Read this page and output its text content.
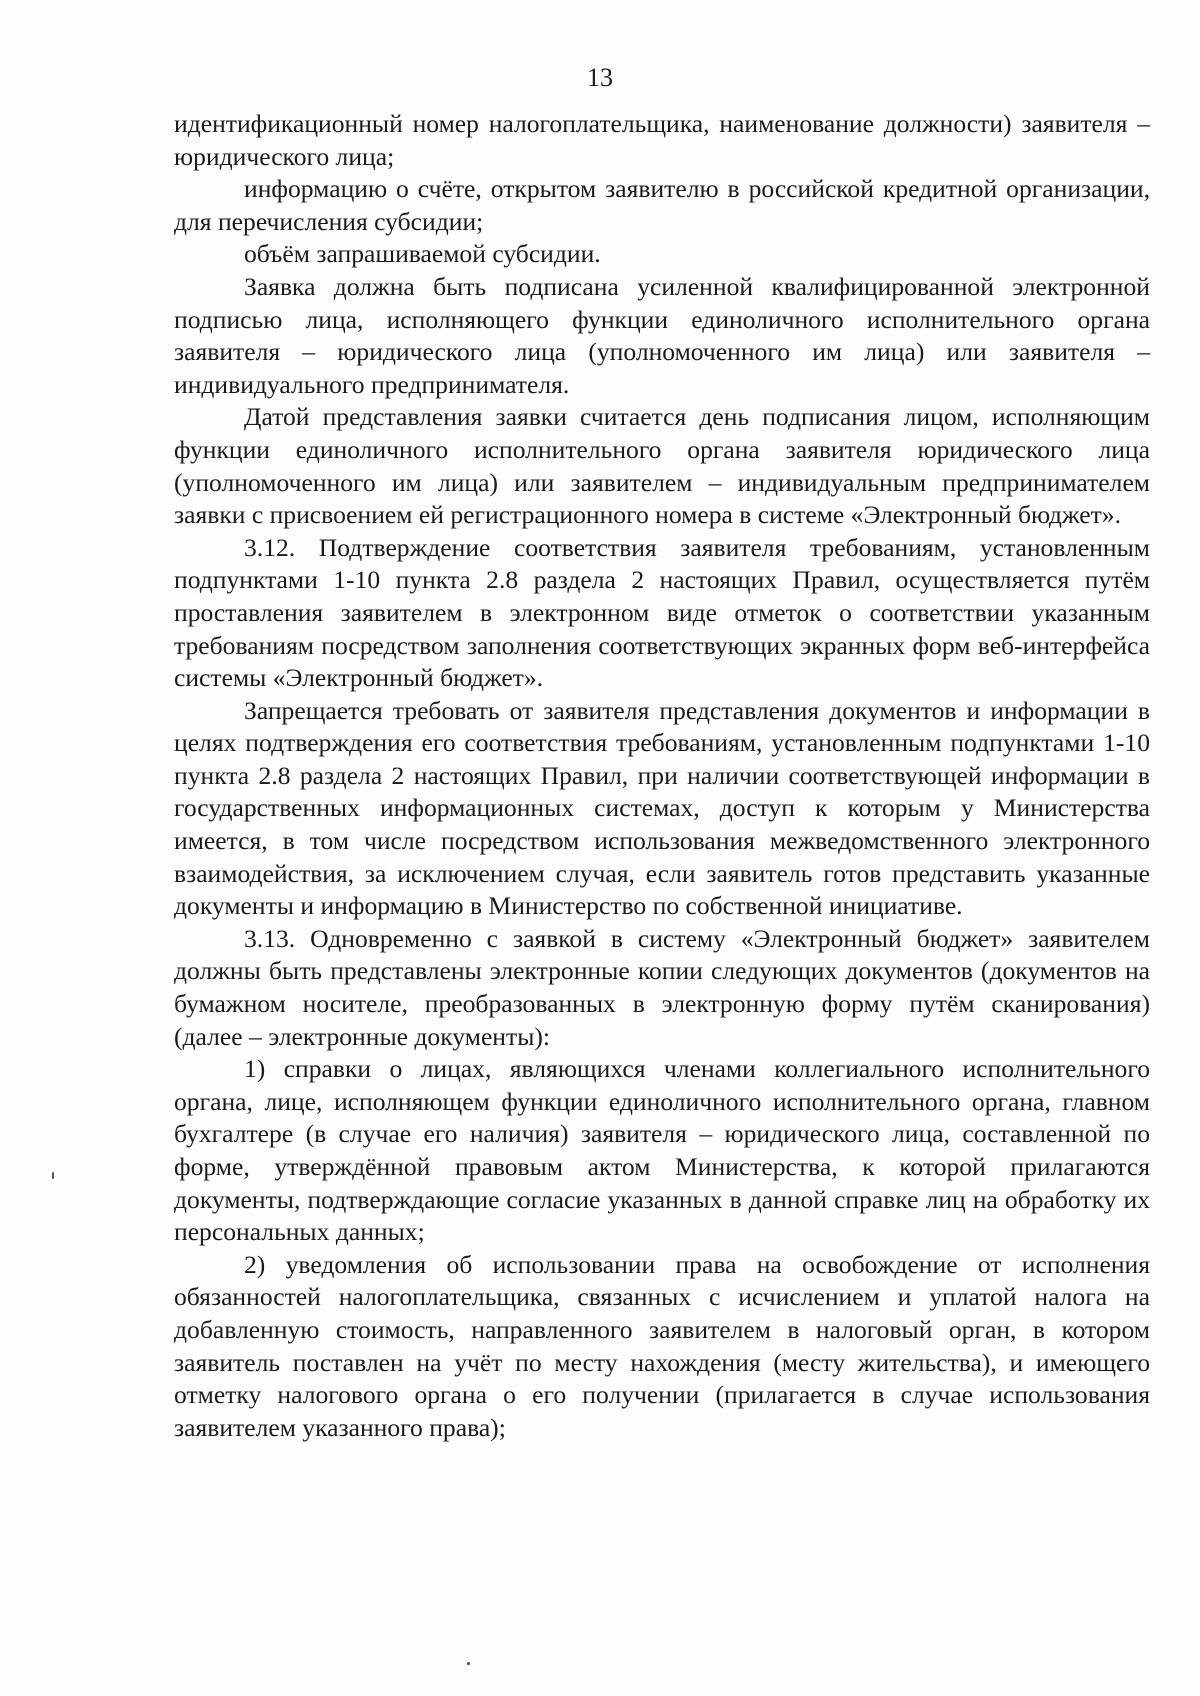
13

идентификационный номер налогоплательщика, наименование должности) заявителя – юридического лица;

информацию о счёте, открытом заявителю в российской кредитной организации, для перечисления субсидии;

объём запрашиваемой субсидии.

Заявка должна быть подписана усиленной квалифицированной электронной подписью лица, исполняющего функции единоличного исполнительного органа заявителя – юридического лица (уполномоченного им лица) или заявителя – индивидуального предпринимателя.

Датой представления заявки считается день подписания лицом, исполняющим функции единоличного исполнительного органа заявителя юридического лица (уполномоченного им лица) или заявителем – индивидуальным предпринимателем заявки с присвоением ей регистрационного номера в системе «Электронный бюджет».

3.12. Подтверждение соответствия заявителя требованиям, установленным подпунктами 1-10 пункта 2.8 раздела 2 настоящих Правил, осуществляется путём проставления заявителем в электронном виде отметок о соответствии указанным требованиям посредством заполнения соответствующих экранных форм веб-интерфейса системы «Электронный бюджет».

Запрещается требовать от заявителя представления документов и информации в целях подтверждения его соответствия требованиям, установленным подпунктами 1-10 пункта 2.8 раздела 2 настоящих Правил, при наличии соответствующей информации в государственных информационных системах, доступ к которым у Министерства имеется, в том числе посредством использования межведомственного электронного взаимодействия, за исключением случая, если заявитель готов представить указанные документы и информацию в Министерство по собственной инициативе.

3.13. Одновременно с заявкой в систему «Электронный бюджет» заявителем должны быть представлены электронные копии следующих документов (документов на бумажном носителе, преобразованных в электронную форму путём сканирования) (далее – электронные документы):

1) справки о лицах, являющихся членами коллегиального исполнительного органа, лице, исполняющем функции единоличного исполнительного органа, главном бухгалтере (в случае его наличия) заявителя – юридического лица, составленной по форме, утверждённой правовым актом Министерства, к которой прилагаются документы, подтверждающие согласие указанных в данной справке лиц на обработку их персональных данных;

2) уведомления об использовании права на освобождение от исполнения обязанностей налогоплательщика, связанных с исчислением и уплатой налога на добавленную стоимость, направленного заявителем в налоговый орган, в котором заявитель поставлен на учёт по месту нахождения (месту жительства), и имеющего отметку налогового органа о его получении (прилагается в случае использования заявителем указанного права);
